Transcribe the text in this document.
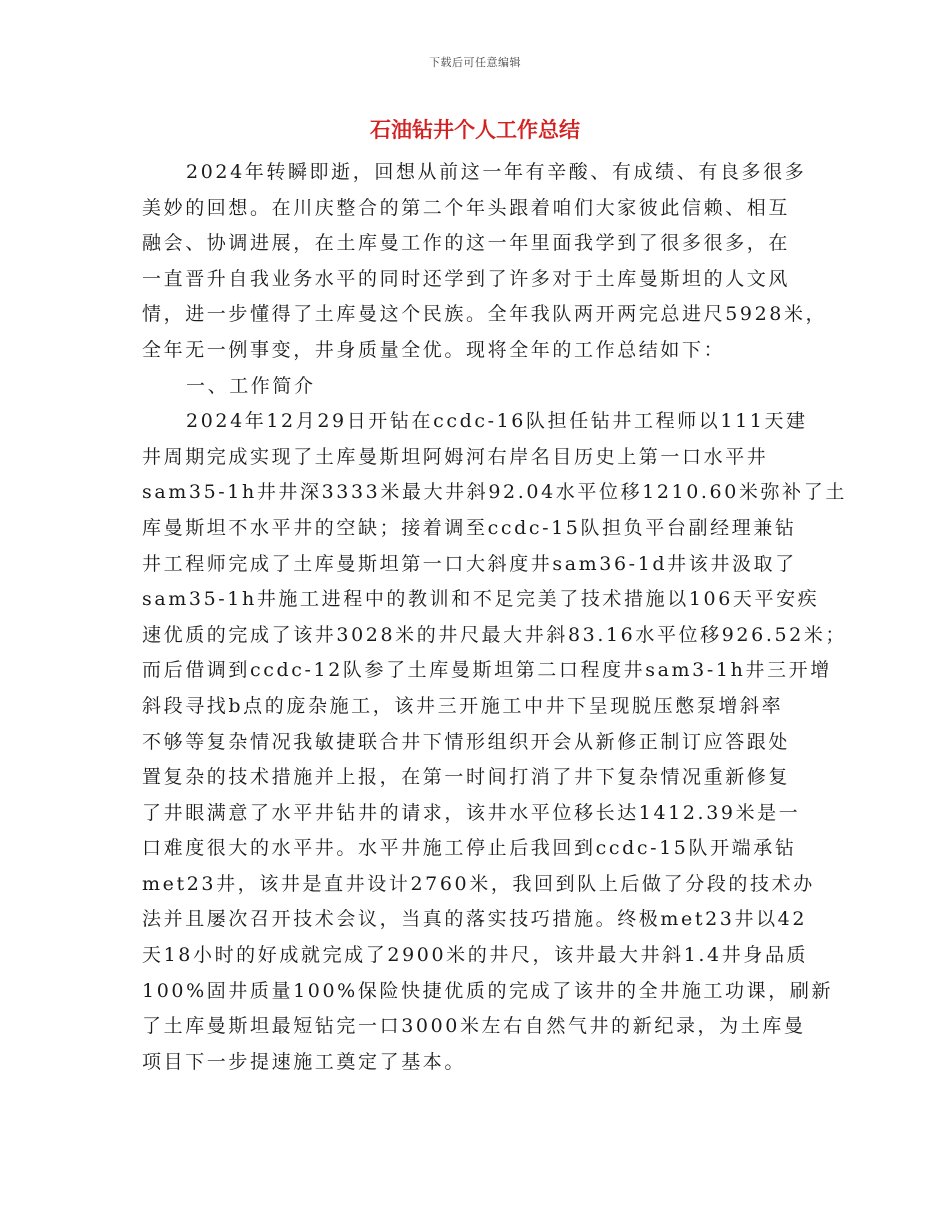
下载后可任意编辑
石油钻井个人工作总结
2024年转瞬即逝，回想从前这一年有辛酸、有成绩、有良多很多
美妙的回想。在川庆整合的第二个年头跟着咱们大家彼此信赖、相互
融会、协调进展，在土库曼工作的这一年里面我学到了很多很多，在
一直晋升自我业务水平的同时还学到了许多对于土库曼斯坦的人文风
情，进一步懂得了土库曼这个民族。全年我队两开两完总进尺5928米，
全年无一例事变，井身质量全优。现将全年的工作总结如下：
一、工作简介
2024年12月29日开钻在ccdc-16队担任钻井工程师以111天建
井周期完成实现了土库曼斯坦阿姆河右岸名目历史上第一口水平井
sam35-1h井井深3333米最大井斜92.04水平位移1210.60米弥补了土
库曼斯坦不水平井的空缺；接着调至ccdc-15队担负平台副经理兼钻
井工程师完成了土库曼斯坦第一口大斜度井sam36-1d井该井汲取了
sam35-1h井施工进程中的教训和不足完美了技术措施以106天平安疾
速优质的完成了该井3028米的井尺最大井斜83.16水平位移926.52米；
而后借调到ccdc-12队参了土库曼斯坦第二口程度井sam3-1h井三开增
斜段寻找b点的庞杂施工，该井三开施工中井下呈现脱压憋泵增斜率
不够等复杂情况我敏捷联合井下情形组织开会从新修正制订应答跟处
置复杂的技术措施并上报，在第一时间打消了井下复杂情况重新修复
了井眼满意了水平井钻井的请求，该井水平位移长达1412.39米是一
口难度很大的水平井。水平井施工停止后我回到ccdc-15队开端承钻
met23井，该井是直井设计2760米，我回到队上后做了分段的技术办
法并且屡次召开技术会议，当真的落实技巧措施。终极met23井以42
天18小时的好成就完成了2900米的井尺，该井最大井斜1.4井身品质
100%固井质量100%保险快捷优质的完成了该井的全井施工功课，刷新
了土库曼斯坦最短钻完一口3000米左右自然气井的新纪录，为土库曼
项目下一步提速施工奠定了基本。
